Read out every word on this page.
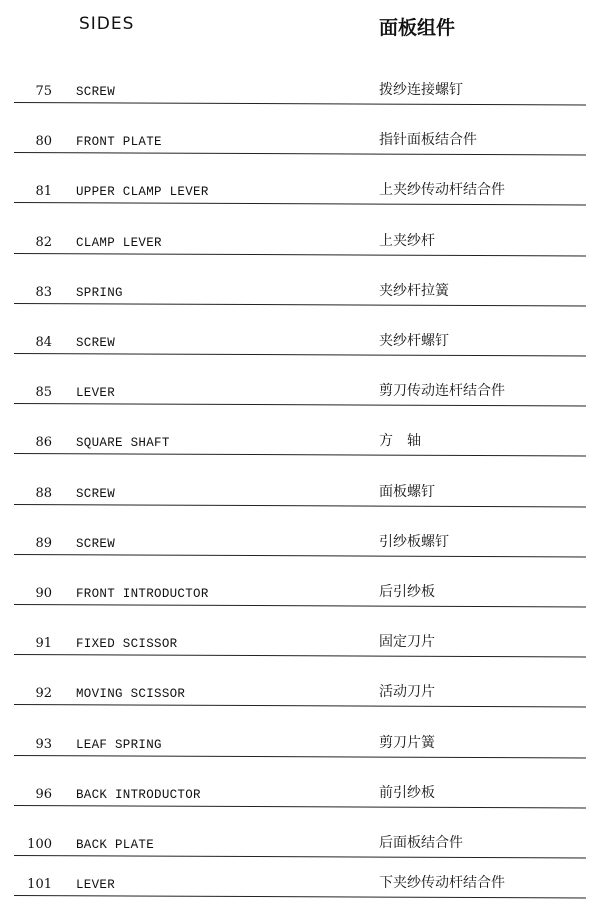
SIDES	面板组件
75 SCREW	拨纱连接螺钉
80 FRONT PLATE	指针面板结合件
81 UPPER CLAMP LEVER	上夹纱传动杆结合件
82 CLAMP LEVER	上夹纱杆
83 SPRING	夹纱杆拉簧
84 SCREW	夹纱杆螺钉
85 LEVER	剪刀传动连杆结合件
86 SQUARE SHAFT	方　轴
88 SCREW	面板螺钉
89 SCREW	引纱板螺钉
90 FRONT INTRODUCTOR	后引纱板
91 FIXED SCISSOR	固定刀片
92 MOVING SCISSOR	活动刀片
93 LEAF SPRING	剪刀片簧
96 BACK INTRODUCTOR	前引纱板
100 BACK PLATE	后面板结合件
101 LEVER	下夹纱传动杆结合件
